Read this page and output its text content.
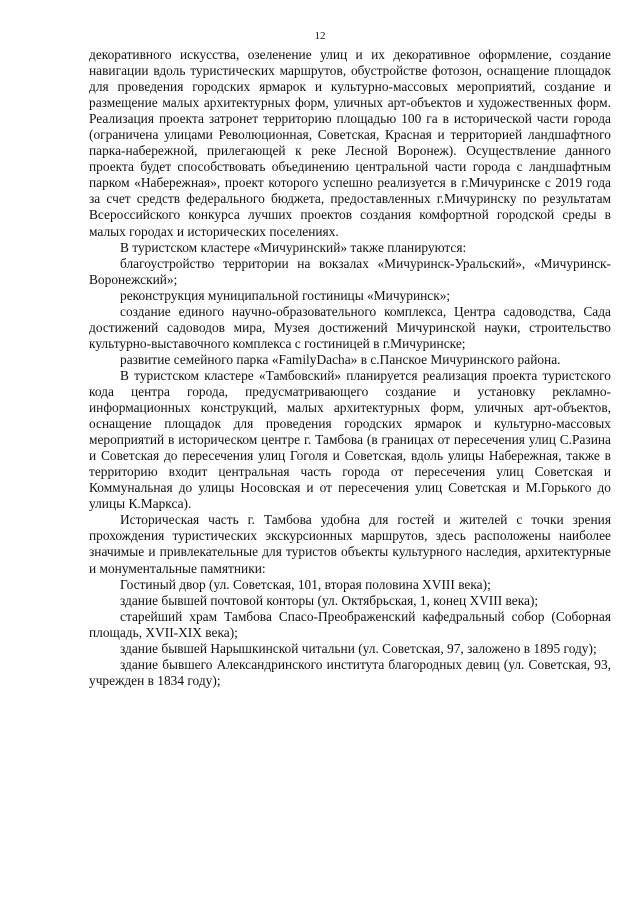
12

декоративного искусства, озеленение улиц и их декоративное оформление, создание навигации вдоль туристических маршрутов, обустройстве фотозон, оснащение площадок для проведения городских ярмарок и культурно-массовых мероприятий, создание и размещение малых архитектурных форм, уличных арт-объектов и художественных форм. Реализация проекта затронет территорию площадью 100 га в исторической части города (ограничена улицами Революционная, Советская, Красная и территорией ландшафтного парка-набережной, прилегающей к реке Лесной Воронеж). Осуществление данного проекта будет способствовать объединению центральной части города с ландшафтным парком «Набережная», проект которого успешно реализуется в г.Мичуринске с 2019 года за счет средств федерального бюджета, предоставленных г.Мичуринску по результатам Всероссийского конкурса лучших проектов создания комфортной городской среды в малых городах и исторических поселениях.

В туристском кластере «Мичуринский» также планируются:

благоустройство территории на вокзалах «Мичуринск-Уральский», «Мичуринск-Воронежский»;

реконструкция муниципальной гостиницы «Мичуринск»;

создание единого научно-образовательного комплекса, Центра садоводства, Сада достижений садоводов мира, Музея достижений Мичуринской науки, строительство культурно-выставочного комплекса с гостиницей в г.Мичуринске;

развитие семейного парка «FamilyDacha» в с.Панское Мичуринского района.

В туристском кластере «Тамбовский» планируется реализация проекта туристского кода центра города, предусматривающего создание и установку рекламно-информационных конструкций, малых архитектурных форм, уличных арт-объектов, оснащение площадок для проведения городских ярмарок и культурно-массовых мероприятий в историческом центре г. Тамбова (в границах от пересечения улиц С.Разина и Советская до пересечения улиц Гоголя и Советская, вдоль улицы Набережная, также в территорию входит центральная часть города от пересечения улиц Советская и Коммунальная до улицы Носовская и от пересечения улиц Советская и М.Горького до улицы К.Маркса).

Историческая часть г. Тамбова удобна для гостей и жителей с точки зрения прохождения туристических экскурсионных маршрутов, здесь расположены наиболее значимые и привлекательные для туристов объекты культурного наследия, архитектурные и монументальные памятники:

Гостиный двор (ул. Советская, 101, вторая половина XVIII века);

здание бывшей почтовой конторы (ул. Октябрьская, 1, конец XVIII века);

старейший храм Тамбова Спасо-Преображенский кафедральный собор (Соборная площадь, XVII-XIX века);

здание бывшей Нарышкинской читальни (ул. Советская, 97, заложено в 1895 году);

здание бывшего Александринского института благородных девиц (ул. Советская, 93, учрежден в 1834 году);
